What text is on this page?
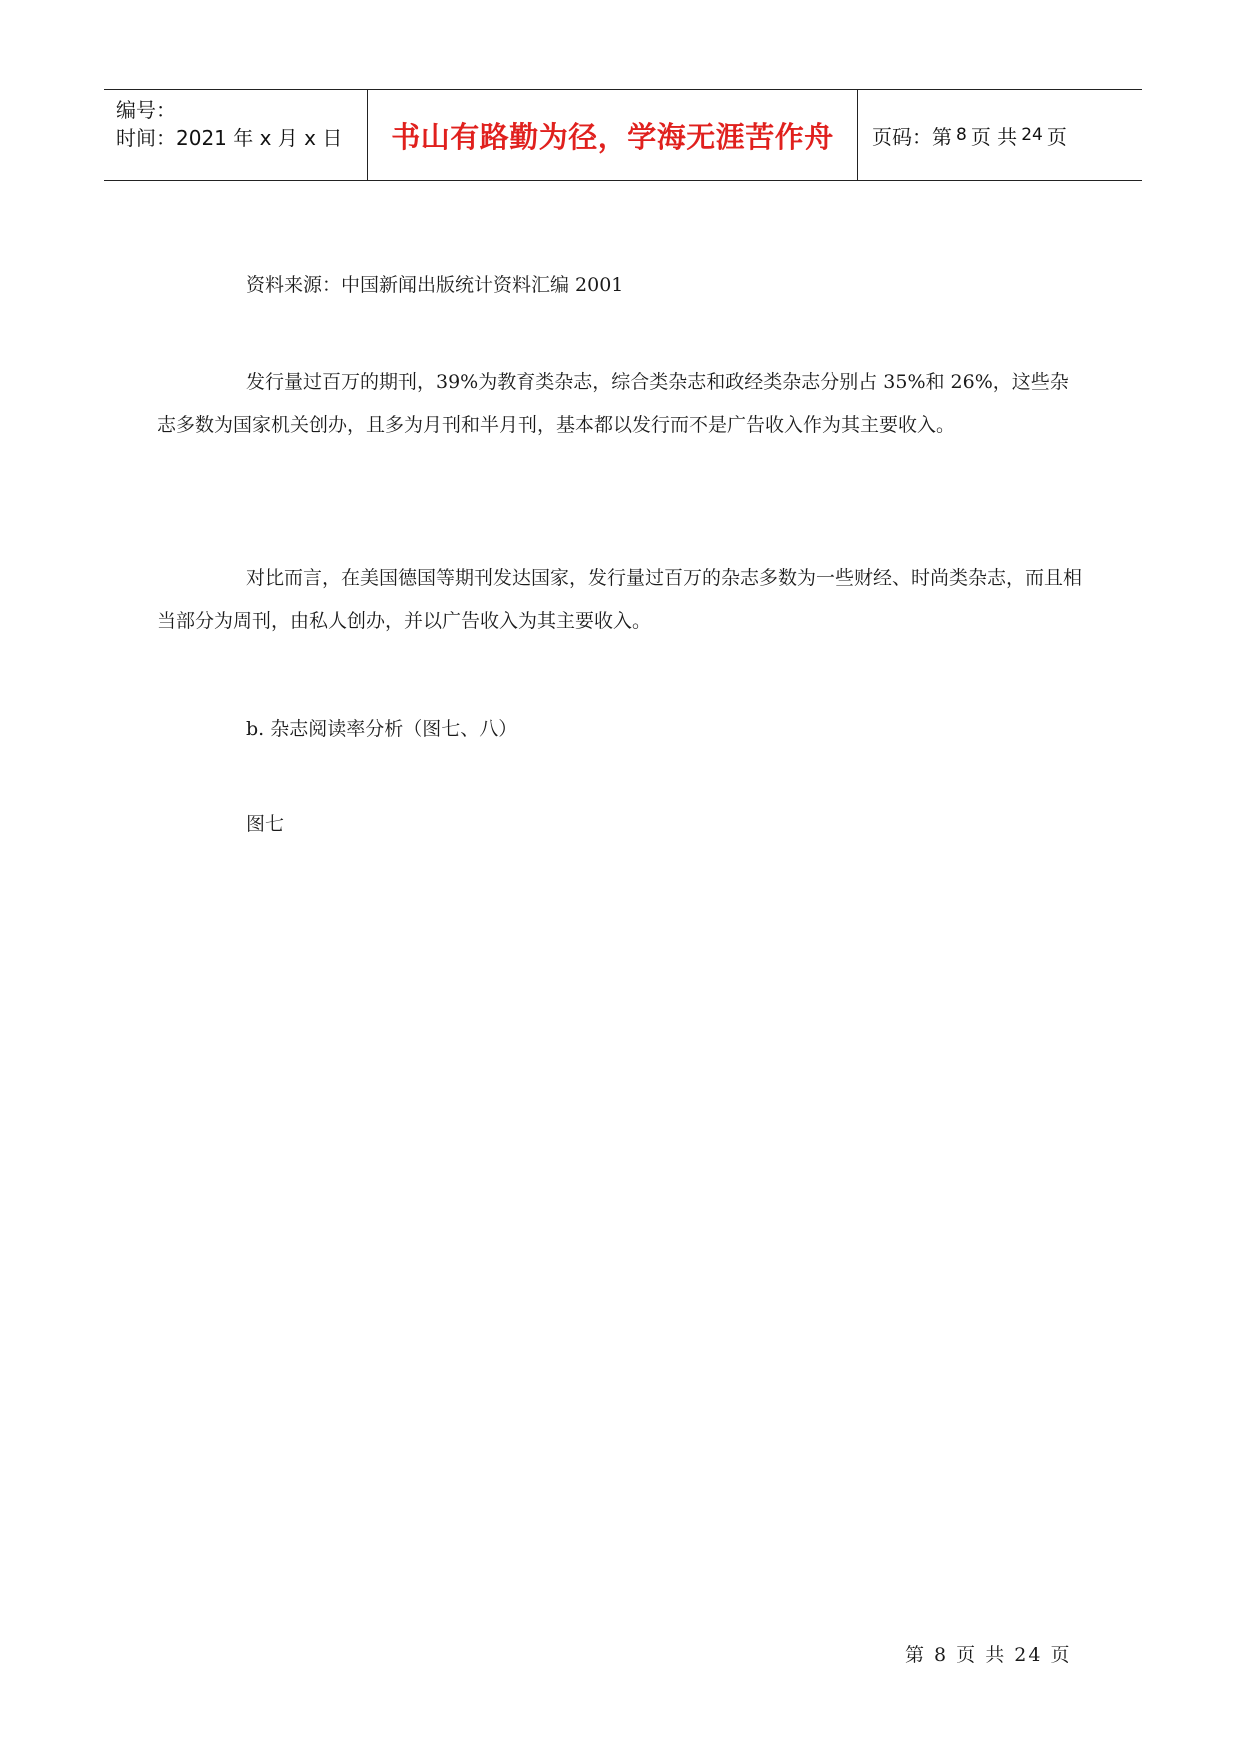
编号：
时间：2021 年 x 月 x 日	书山有路勤为径，学海无涯苦作舟 页码：第 8 页 共 24 页

资料来源：中国新闻出版统计资料汇编 2001

发行量过百万的期刊，39%为教育类杂志，综合类杂志和政经类杂志分别占 35%和 26%，这些杂志多数为国家机关创办，且多为月刊和半月刊，基本都以发行而不是广告收入作为其主要收入。

对比而言，在美国德国等期刊发达国家，发行量过百万的杂志多数为一些财经、时尚类杂志，而且相当部分为周刊，由私人创办，并以广告收入为其主要收入。

b. 杂志阅读率分析（图七、八）

图七

第 8 页 共 24 页
